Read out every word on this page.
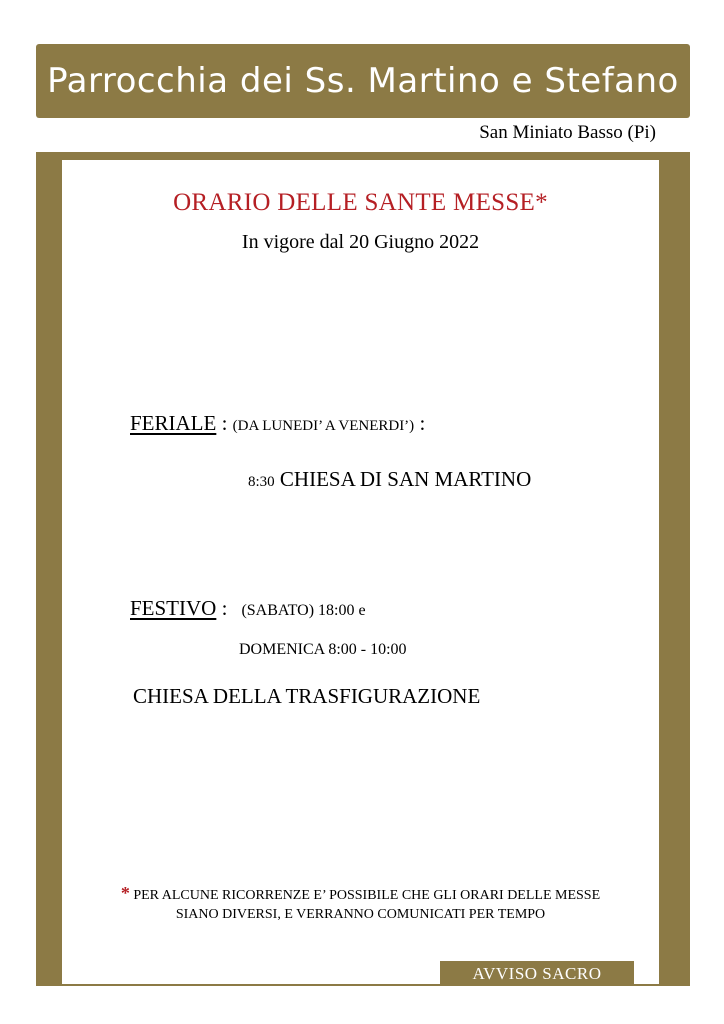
Parrocchia dei Ss. Martino e Stefano
San Miniato Basso (Pi)
ORARIO DELLE SANTE MESSE*
In vigore dal 20 Giugno 2022
FERIALE : (DA LUNEDI’ A VENERDI’) :
8:30 CHIESA DI SAN MARTINO
FESTIVO : (SABATO) 18:00 e
DOMENICA 8:00 - 10:00
CHIESA DELLA TRASFIGURAZIONE
* PER ALCUNE RICORRENZE E’ POSSIBILE CHE GLI ORARI DELLE MESSE
SIANO DIVERSI, E VERRANNO COMUNICATI PER TEMPO
AVVISO SACRO
